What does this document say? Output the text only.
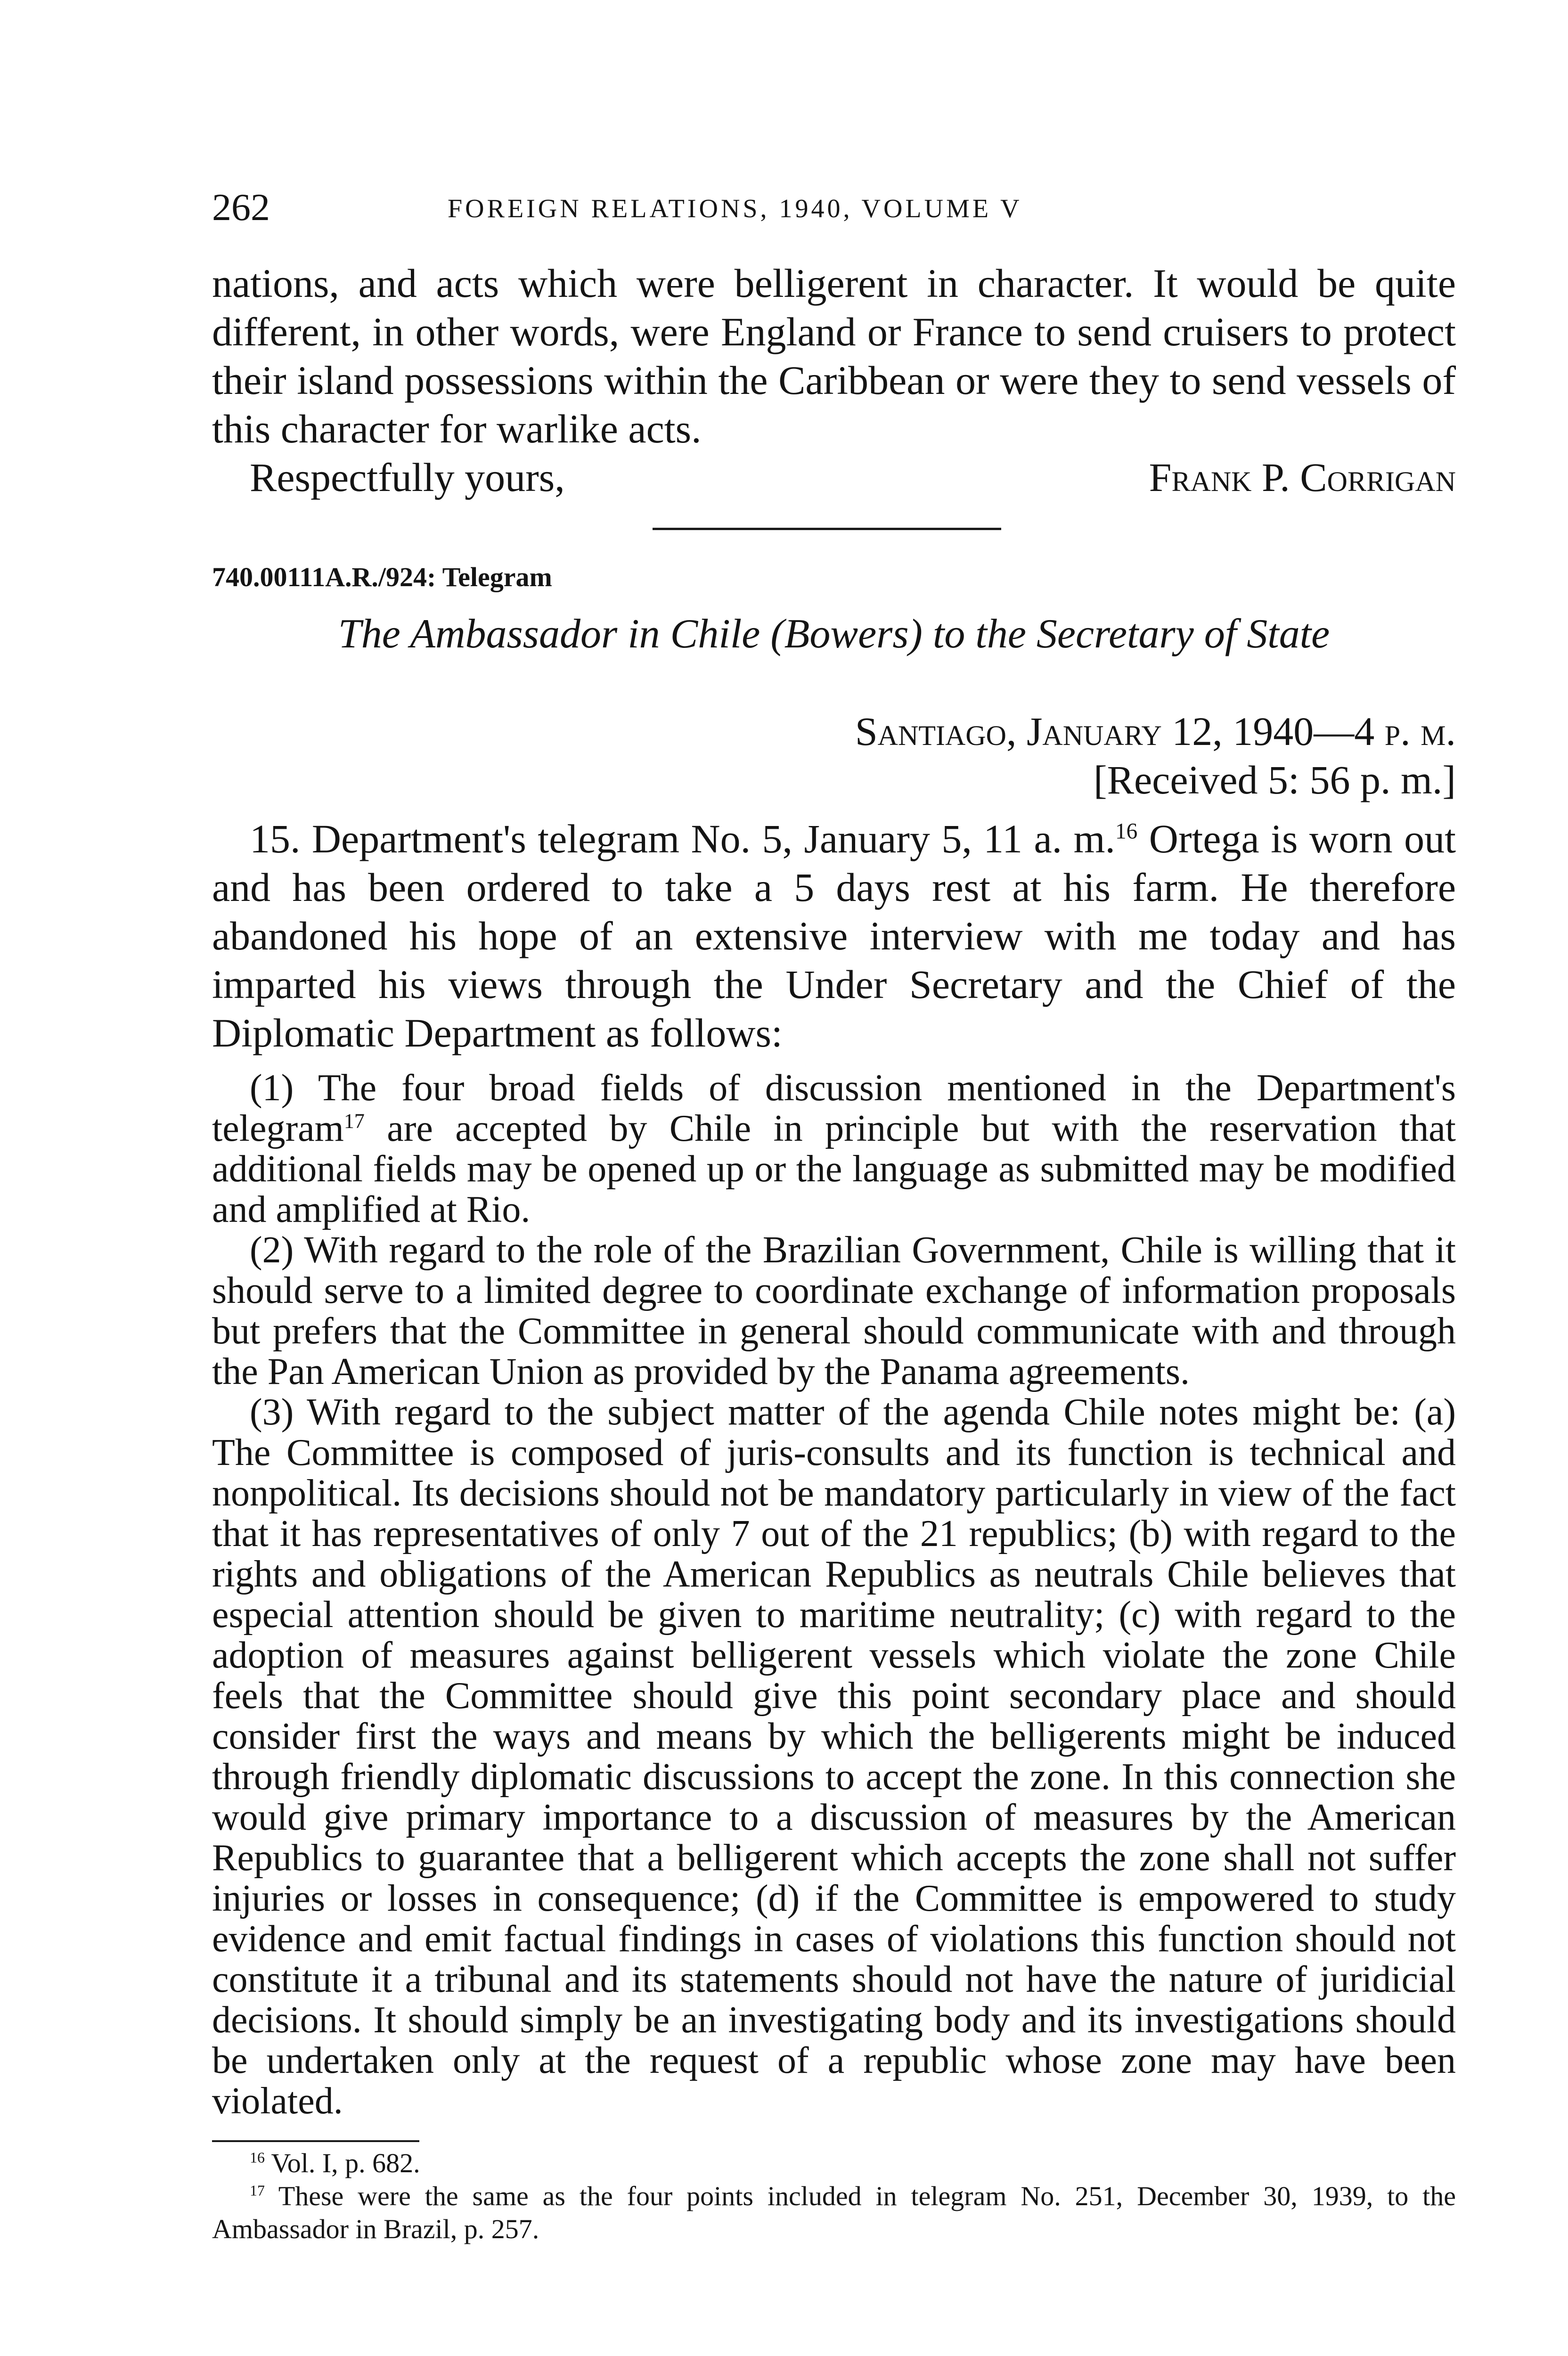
262	FOREIGN RELATIONS, 1940, VOLUME V

nations, and acts which were belligerent in character. It would be quite different, in other words, were England or France to send cruisers to protect their island possessions within the Caribbean or were they to send vessels of this character for warlike acts.

Respectfully yours,	Frank P. Corrigan
740.00111A.R./924: Telegram
The Ambassador in Chile (Bowers) to the Secretary of State
Santiago, January 12, 1940—4 p. m.
[Received 5: 56 p. m.]

15. Department's telegram No. 5, January 5, 11 a. m.$^{16}$ Ortega is worn out and has been ordered to take a 5 days rest at his farm. He therefore abandoned his hope of an extensive interview with me today and has imparted his views through the Under Secretary and the Chief of the Diplomatic Department as follows:

(1) The four broad fields of discussion mentioned in the Department's telegram$^{17}$ are accepted by Chile in principle but with the reservation that additional fields may be opened up or the language as submitted may be modified and amplified at Rio.

(2) With regard to the role of the Brazilian Government, Chile is willing that it should serve to a limited degree to coordinate exchange of information proposals but prefers that the Committee in general should communicate with and through the Pan American Union as provided by the Panama agreements.

(3) With regard to the subject matter of the agenda Chile notes might be: (a) The Committee is composed of juris-consults and its function is technical and nonpolitical. Its decisions should not be mandatory particularly in view of the fact that it has representatives of only 7 out of the 21 republics; (b) with regard to the rights and obligations of the American Republics as neutrals Chile believes that especial attention should be given to maritime neutrality; (c) with regard to the adoption of measures against belligerent vessels which violate the zone Chile feels that the Committee should give this point secondary place and should consider first the ways and means by which the belligerents might be induced through friendly diplomatic discussions to accept the zone. In this connection she would give primary importance to a discussion of measures by the American Republics to guarantee that a belligerent which accepts the zone shall not suffer injuries or losses in consequence; (d) if the Committee is empowered to study evidence and emit factual findings in cases of violations this function should not constitute it a tribunal and its statements should not have the nature of juridicial decisions. It should simply be an investigating body and its investigations should be undertaken only at the request of a republic whose zone may have been violated.

$^{16}$ Vol. I, p. 682.

$^{17}$ These were the same as the four points included in telegram No. 251, December 30, 1939, to the Ambassador in Brazil, p. 257.
